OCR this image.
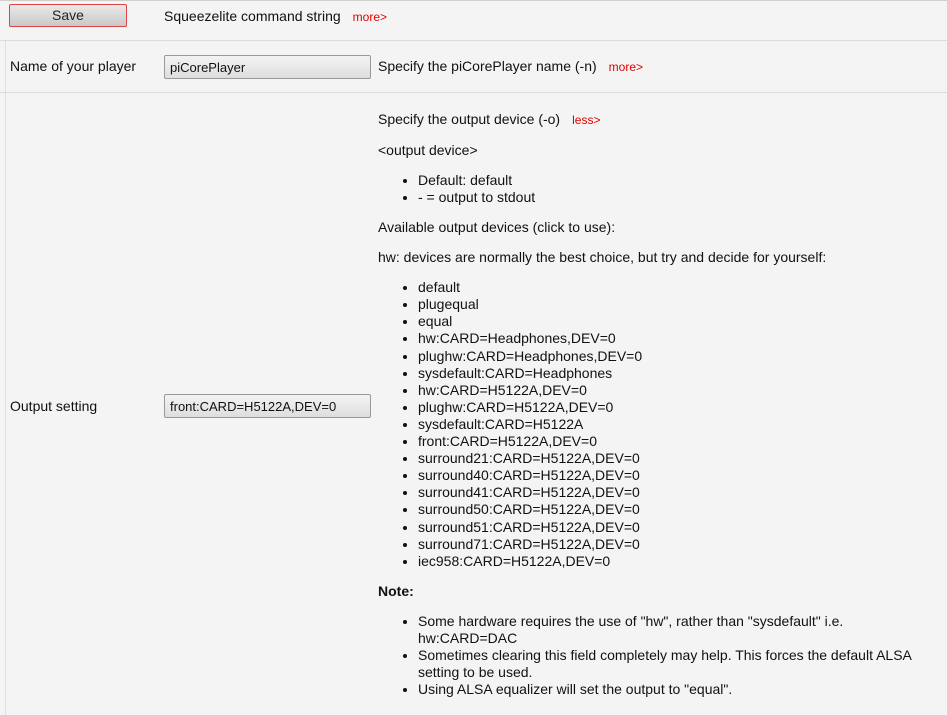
Save	Squeezelite command string more>
Name of your player
piCorePlayer	Specify the piCorePlayer name (-n) more>
Output setting
front:CARD=H5122A,DEV=0

Specify the output device (-o) less>

<output device>

• Default: default
• - = output to stdout

Available output devices (click to use):

hw: devices are normally the best choice, but try and decide for yourself:

• default
• plugequal
• equal
• hw:CARD=Headphones,DEV=0
• plughw:CARD=Headphones,DEV=0
• sysdefault:CARD=Headphones
• hw:CARD=H5122A,DEV=0
• plughw:CARD=H5122A,DEV=0
• sysdefault:CARD=H5122A
• front:CARD=H5122A,DEV=0
• surround21:CARD=H5122A,DEV=0
• surround40:CARD=H5122A,DEV=0
• surround41:CARD=H5122A,DEV=0
• surround50:CARD=H5122A,DEV=0
• surround51:CARD=H5122A,DEV=0
• surround71:CARD=H5122A,DEV=0
• iec958:CARD=H5122A,DEV=0

Note:

• Some hardware requires the use of "hw", rather than "sysdefault" i.e. hw:CARD=DAC
• Sometimes clearing this field completely may help. This forces the default ALSA setting to be used.
• Using ALSA equalizer will set the output to "equal".
